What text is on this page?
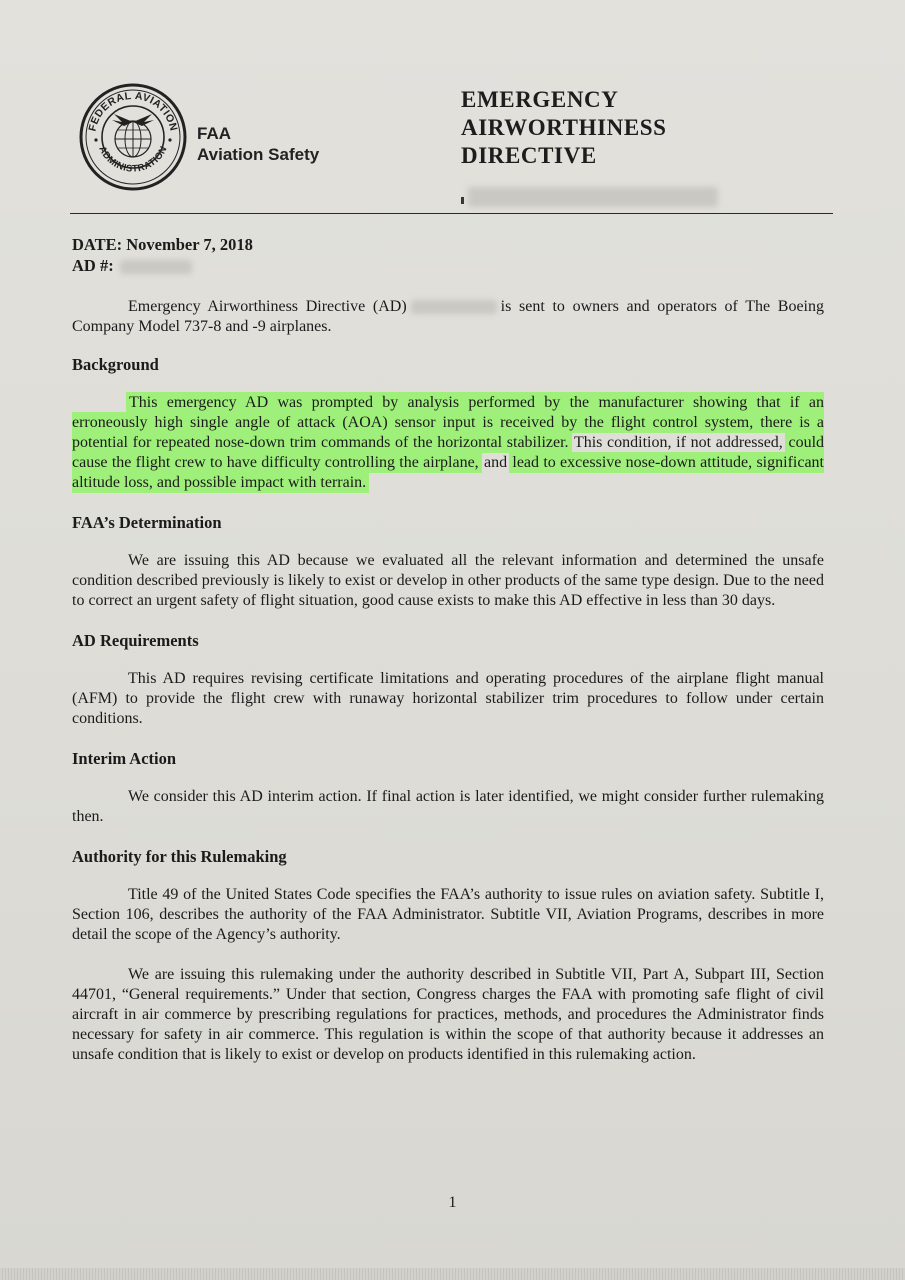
FEDERAL AVIATION
ADMINISTRATION
FAA
Aviation Safety
EMERGENCY
AIRWORTHINESS
DIRECTIVE
DATE: November 7, 2018
AD #:

Emergency Airworthiness Directive (AD)	is sent to owners and operators of The Boeing Company Model 737-8 and -9 airplanes.

Background

This emergency AD was prompted by analysis performed by the manufacturer showing that if an erroneously high single angle of attack (AOA) sensor input is received by the flight control system, there is a potential for repeated nose-down trim commands of the horizontal stabilizer. This condition, if not addressed, could cause the flight crew to have difficulty controlling the airplane, and lead to excessive nose-down attitude, significant altitude loss, and possible impact with terrain.

FAA’s Determination

We are issuing this AD because we evaluated all the relevant information and determined the unsafe condition described previously is likely to exist or develop in other products of the same type design. Due to the need to correct an urgent safety of flight situation, good cause exists to make this AD effective in less than 30 days.

AD Requirements

This AD requires revising certificate limitations and operating procedures of the airplane flight manual (AFM) to provide the flight crew with runaway horizontal stabilizer trim procedures to follow under certain conditions.

Interim Action

We consider this AD interim action. If final action is later identified, we might consider further rulemaking then.

Authority for this Rulemaking

Title 49 of the United States Code specifies the FAA’s authority to issue rules on aviation safety. Subtitle I, Section 106, describes the authority of the FAA Administrator. Subtitle VII, Aviation Programs, describes in more detail the scope of the Agency’s authority.

We are issuing this rulemaking under the authority described in Subtitle VII, Part A, Subpart III, Section 44701, “General requirements.” Under that section, Congress charges the FAA with promoting safe flight of civil aircraft in air commerce by prescribing regulations for practices, methods, and procedures the Administrator finds necessary for safety in air commerce. This regulation is within the scope of that authority because it addresses an unsafe condition that is likely to exist or develop on products identified in this rulemaking action.

1
